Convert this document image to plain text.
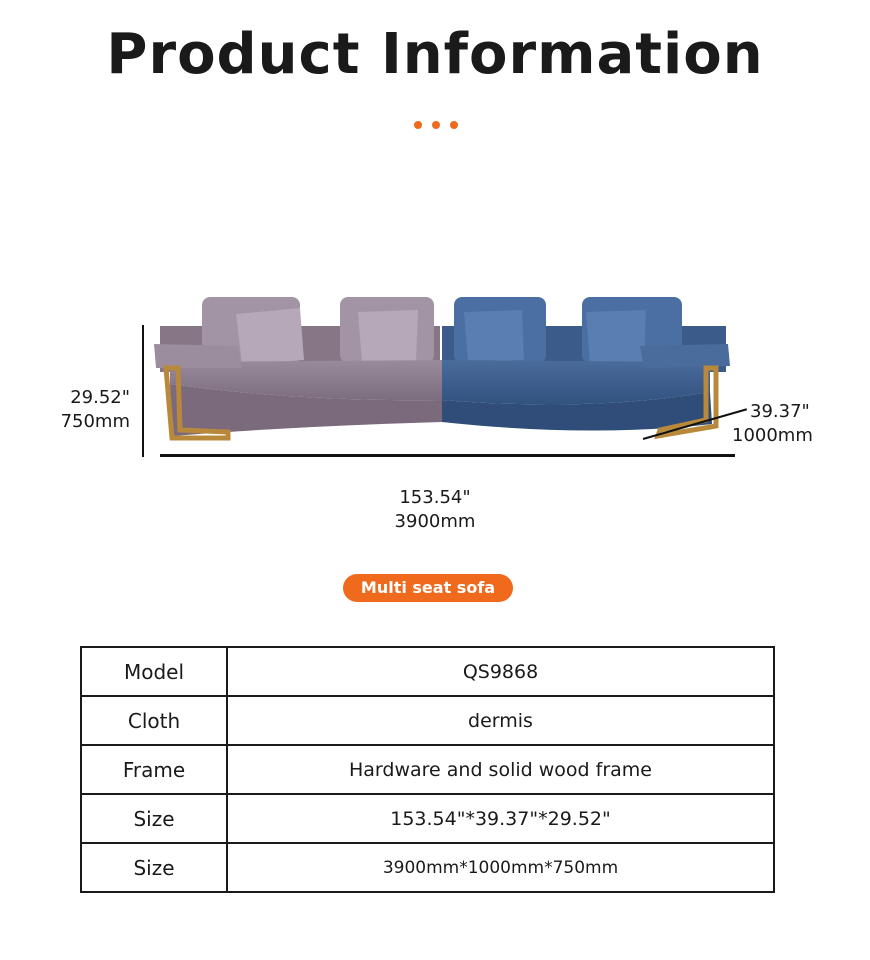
Product Information
29.52"
750mm
153.54"
3900mm
39.37"
1000mm
Multi seat sofa
Model	QS9868
Cloth	dermis
Frame	Hardware and solid wood frame
Size	153.54"*39.37"*29.52"
Size	3900mm*1000mm*750mm
